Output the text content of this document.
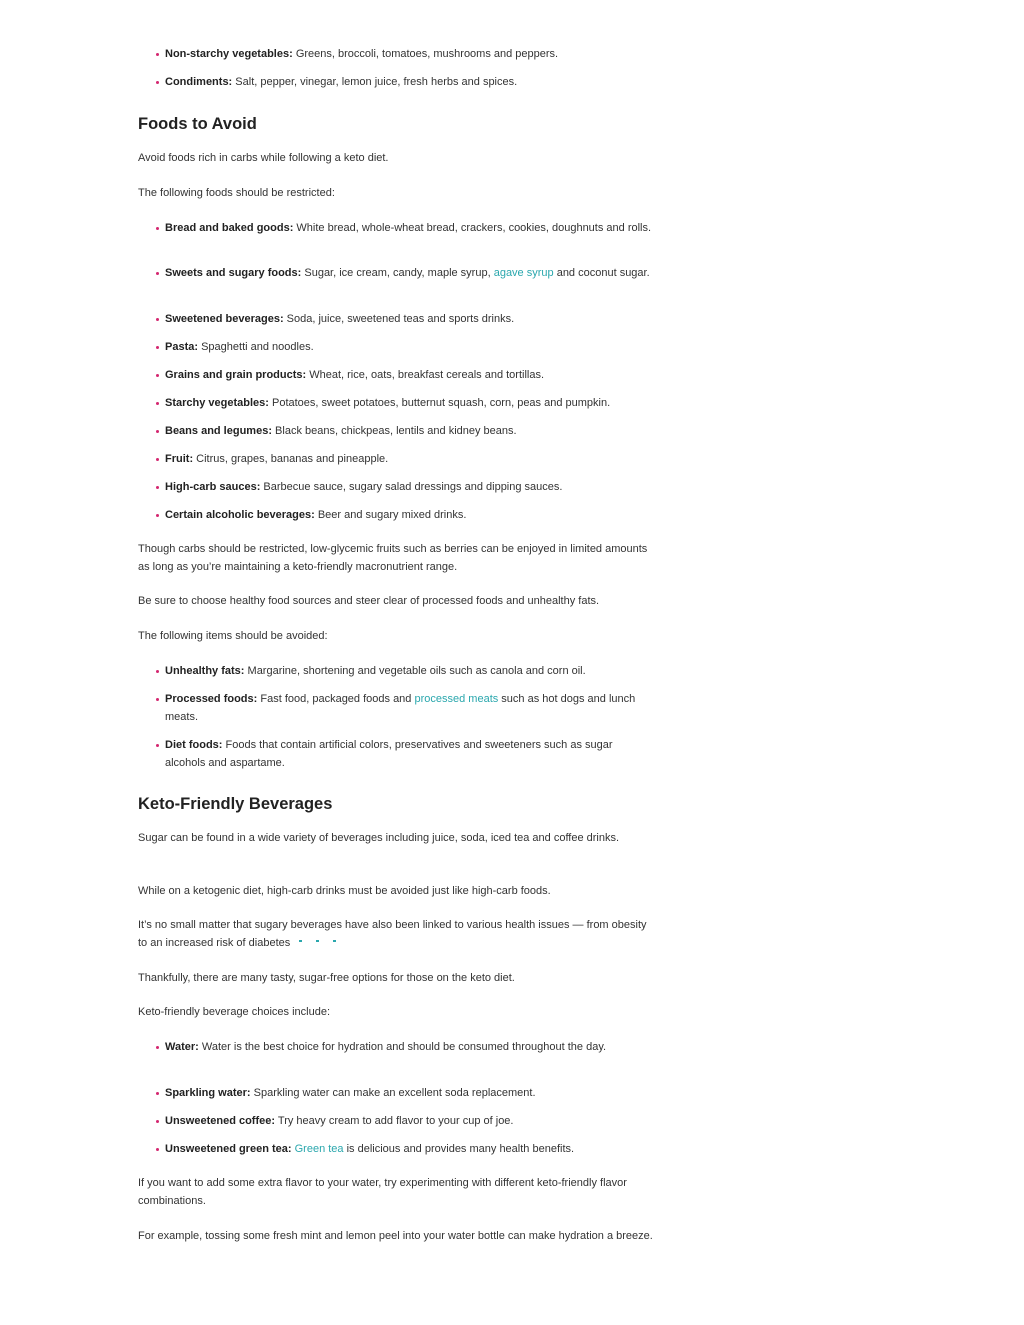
Non-starchy vegetables: Greens, broccoli, tomatoes, mushrooms and peppers.
Condiments: Salt, pepper, vinegar, lemon juice, fresh herbs and spices.
Foods to Avoid

Avoid foods rich in carbs while following a keto diet.

The following foods should be restricted:

Bread and baked goods: White bread, whole-wheat bread, crackers, cookies, doughnuts and rolls.
Sweets and sugary foods: Sugar, ice cream, candy, maple syrup, agave syrup and coconut sugar.
Sweetened beverages: Soda, juice, sweetened teas and sports drinks.
Pasta: Spaghetti and noodles.
Grains and grain products: Wheat, rice, oats, breakfast cereals and tortillas.
Starchy vegetables: Potatoes, sweet potatoes, butternut squash, corn, peas and pumpkin.
Beans and legumes: Black beans, chickpeas, lentils and kidney beans.
Fruit: Citrus, grapes, bananas and pineapple.
High-carb sauces: Barbecue sauce, sugary salad dressings and dipping sauces.
Certain alcoholic beverages: Beer and sugary mixed drinks.

Though carbs should be restricted, low-glycemic fruits such as berries can be enjoyed in limited amounts as long as you’re maintaining a keto-friendly macronutrient range.

Be sure to choose healthy food sources and steer clear of processed foods and unhealthy fats.

The following items should be avoided:

Unhealthy fats: Margarine, shortening and vegetable oils such as canola and corn oil.
Processed foods: Fast food, packaged foods and processed meats such as hot dogs and lunch meats.
Diet foods: Foods that contain artificial colors, preservatives and sweeteners such as sugar alcohols and aspartame.
Keto-Friendly Beverages

Sugar can be found in a wide variety of beverages including juice, soda, iced tea and coffee drinks.

While on a ketogenic diet, high-carb drinks must be avoided just like high-carb foods.

It’s no small matter that sugary beverages have also been linked to various health issues — from obesity to an increased risk of diabetes

Thankfully, there are many tasty, sugar-free options for those on the keto diet.

Keto-friendly beverage choices include:

Water: Water is the best choice for hydration and should be consumed throughout the day.
Sparkling water: Sparkling water can make an excellent soda replacement.
Unsweetened coffee: Try heavy cream to add flavor to your cup of joe.
Unsweetened green tea: Green tea is delicious and provides many health benefits.

If you want to add some extra flavor to your water, try experimenting with different keto-friendly flavor combinations.

For example, tossing some fresh mint and lemon peel into your water bottle can make hydration a breeze.
